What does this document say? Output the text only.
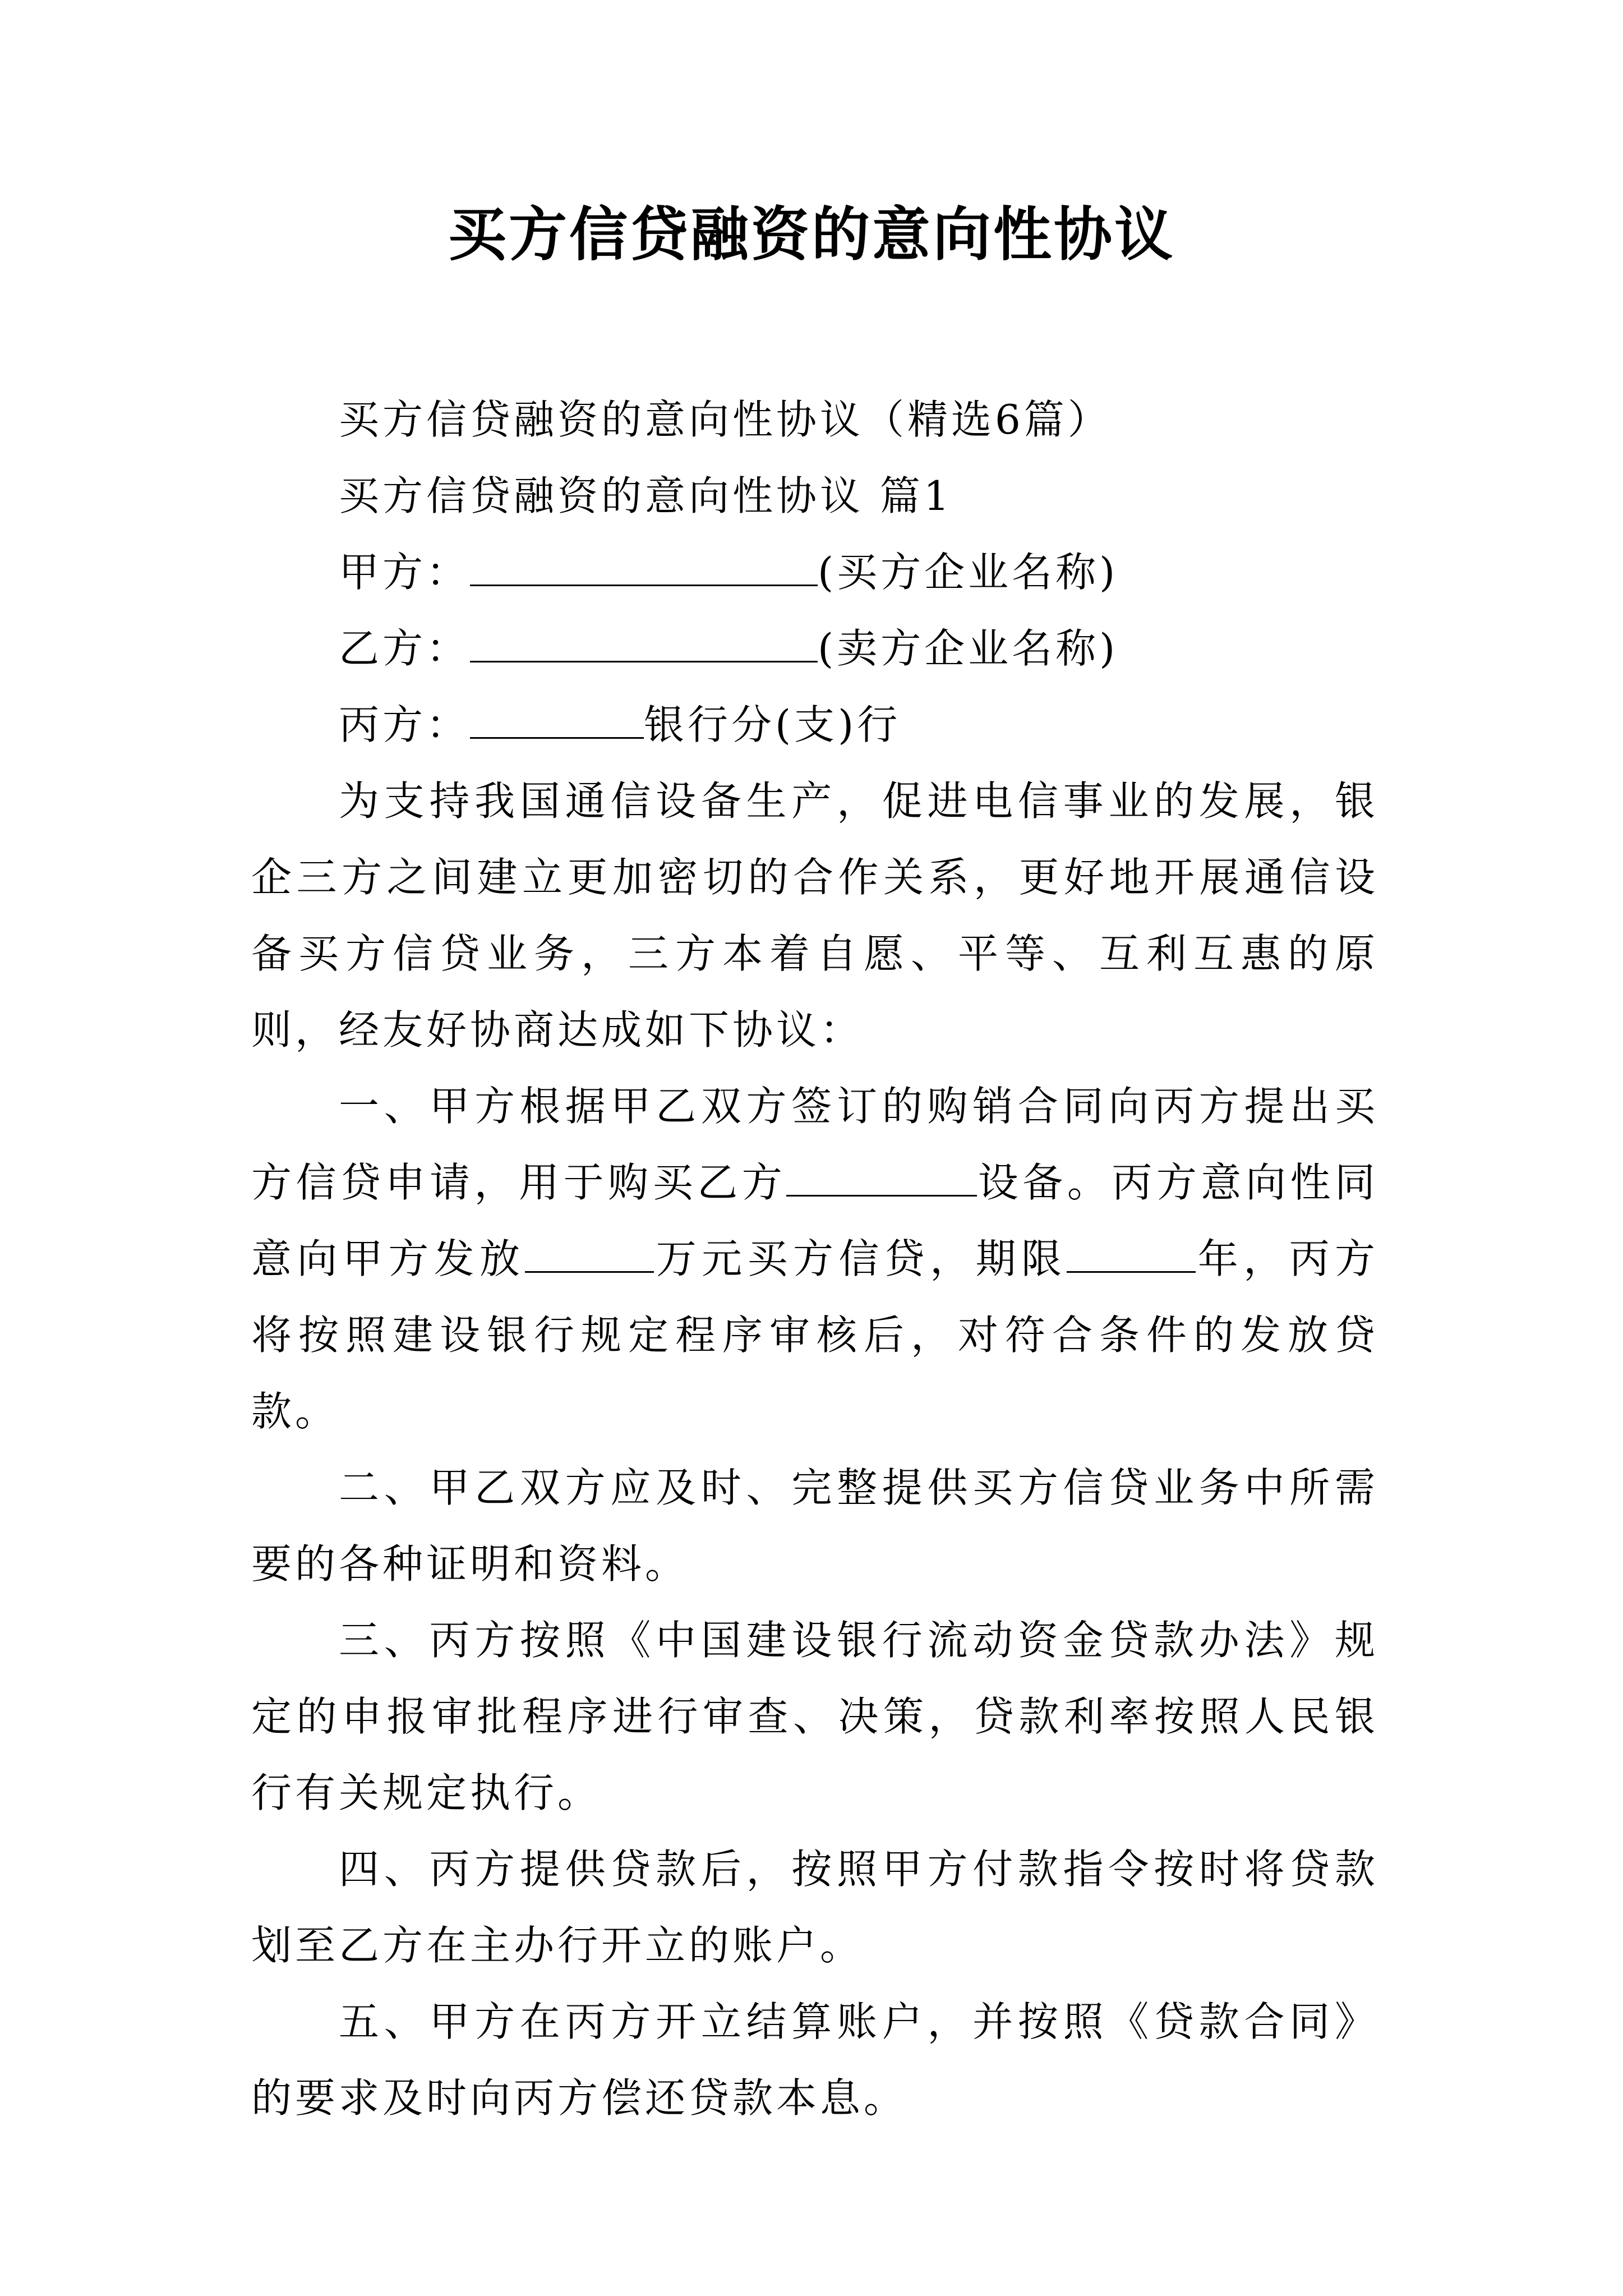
买方信贷融资的意向性协议
买方信贷融资的意向性协议（精选6篇）
买方信贷融资的意向性协议 篇1
甲方：	(买方企业名称)
乙方：	(卖方企业名称)
丙方：	银行分(支)行

为支持我国通信设备生产，促进电信事业的发展，银企三方之间建立更加密切的合作关系，更好地开展通信设备买方信贷业务，三方本着自愿、平等、互利互惠的原则，经友好协商达成如下协议：

一、甲方根据甲乙双方签订的购销合同向丙方提出买方信贷申请，用于购买乙方	设备。丙方意向性同意向甲方发放	万元买方信贷，期限	年，丙方将按照建设银行规定程序审核后，对符合条件的发放贷款。

二、甲乙双方应及时、完整提供买方信贷业务中所需要的各种证明和资料。

三、丙方按照《中国建设银行流动资金贷款办法》规定的申报审批程序进行审查、决策，贷款利率按照人民银行有关规定执行。

四、丙方提供贷款后，按照甲方付款指令按时将贷款划至乙方在主办行开立的账户。

五、甲方在丙方开立结算账户，并按照《贷款合同》的要求及时向丙方偿还贷款本息。
